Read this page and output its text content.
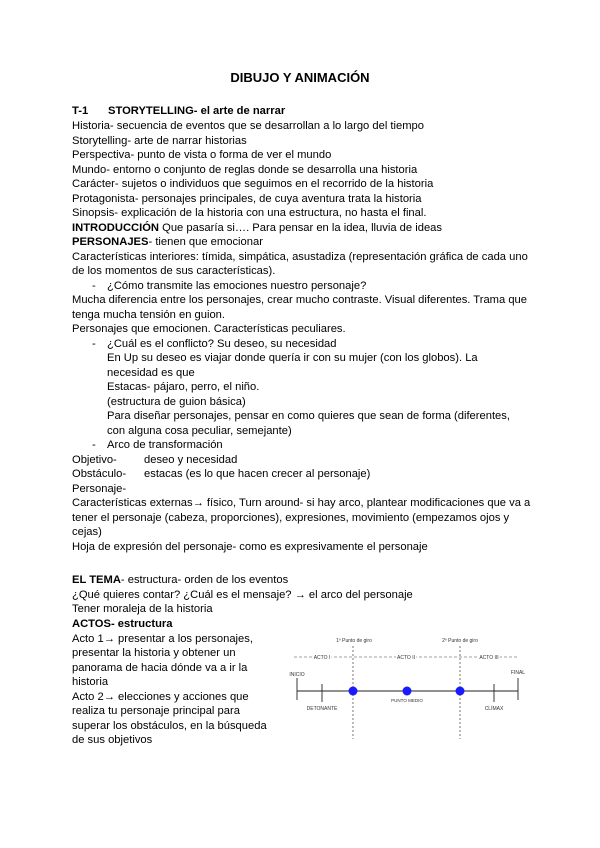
DIBUJO Y ANIMACIÓN
T-1 STORYTELLING- el arte de narrar
Historia- secuencia de eventos que se desarrollan a lo largo del tiempo
Storytelling- arte de narrar historias
Perspectiva- punto de vista o forma de ver el mundo
Mundo- entorno o conjunto de reglas donde se desarrolla una historia
Carácter- sujetos o individuos que seguimos en el recorrido de la historia
Protagonista- personajes principales, de cuya aventura trata la historia
Sinopsis- explicación de la historia con una estructura, no hasta el final.
INTRODUCCIÓN Que pasaría si…. Para pensar en la idea, lluvia de ideas
PERSONAJES- tienen que emocionar
Características interiores: tímida, simpática, asustadiza (representación gráfica de cada uno
de los momentos de sus características).
- ¿Cómo transmite las emociones nuestro personaje?
Mucha diferencia entre los personajes, crear mucho contraste. Visual diferentes. Trama que
tenga mucha tensión en guion.
Personajes que emocionen. Características peculiares.
- ¿Cuál es el conflicto? Su deseo, su necesidad
En Up su deseo es viajar donde quería ir con su mujer (con los globos). La
necesidad es que
Estacas- pájaro, perro, el niño.
(estructura de guion básica)
Para diseñar personajes, pensar en como quieres que sean de forma (diferentes,
con alguna cosa peculiar, semejante)
- Arco de transformación
Objetivo- deseo y necesidad
Obstáculo- estacas (es lo que hacen crecer al personaje)
Personaje-
Características externas→ físico, Turn around- si hay arco, plantear modificaciones que va a
tener el personaje (cabeza, proporciones), expresiones, movimiento (empezamos ojos y
cejas)
Hoja de expresión del personaje- como es expresivamente el personaje
EL TEMA- estructura- orden de los eventos
¿Qué quieres contar? ¿Cuál es el mensaje? → el arco del personaje
Tener moraleja de la historia
ACTOS- estructura
Acto 1→ presentar a los personajes,
presentar la historia y obtener un
panorama de hacia dónde va a ir la
historia
Acto 2→ elecciones y acciones que
realiza tu personaje principal para
superar los obstáculos, en la búsqueda
de sus objetivos
1º Punto de giro	2º Punto de giro
ACTO I	ACTO II	ACTO III
INICIO	FINAL
DETONANTE
PUNTO MEDIO
CLÍMAX
